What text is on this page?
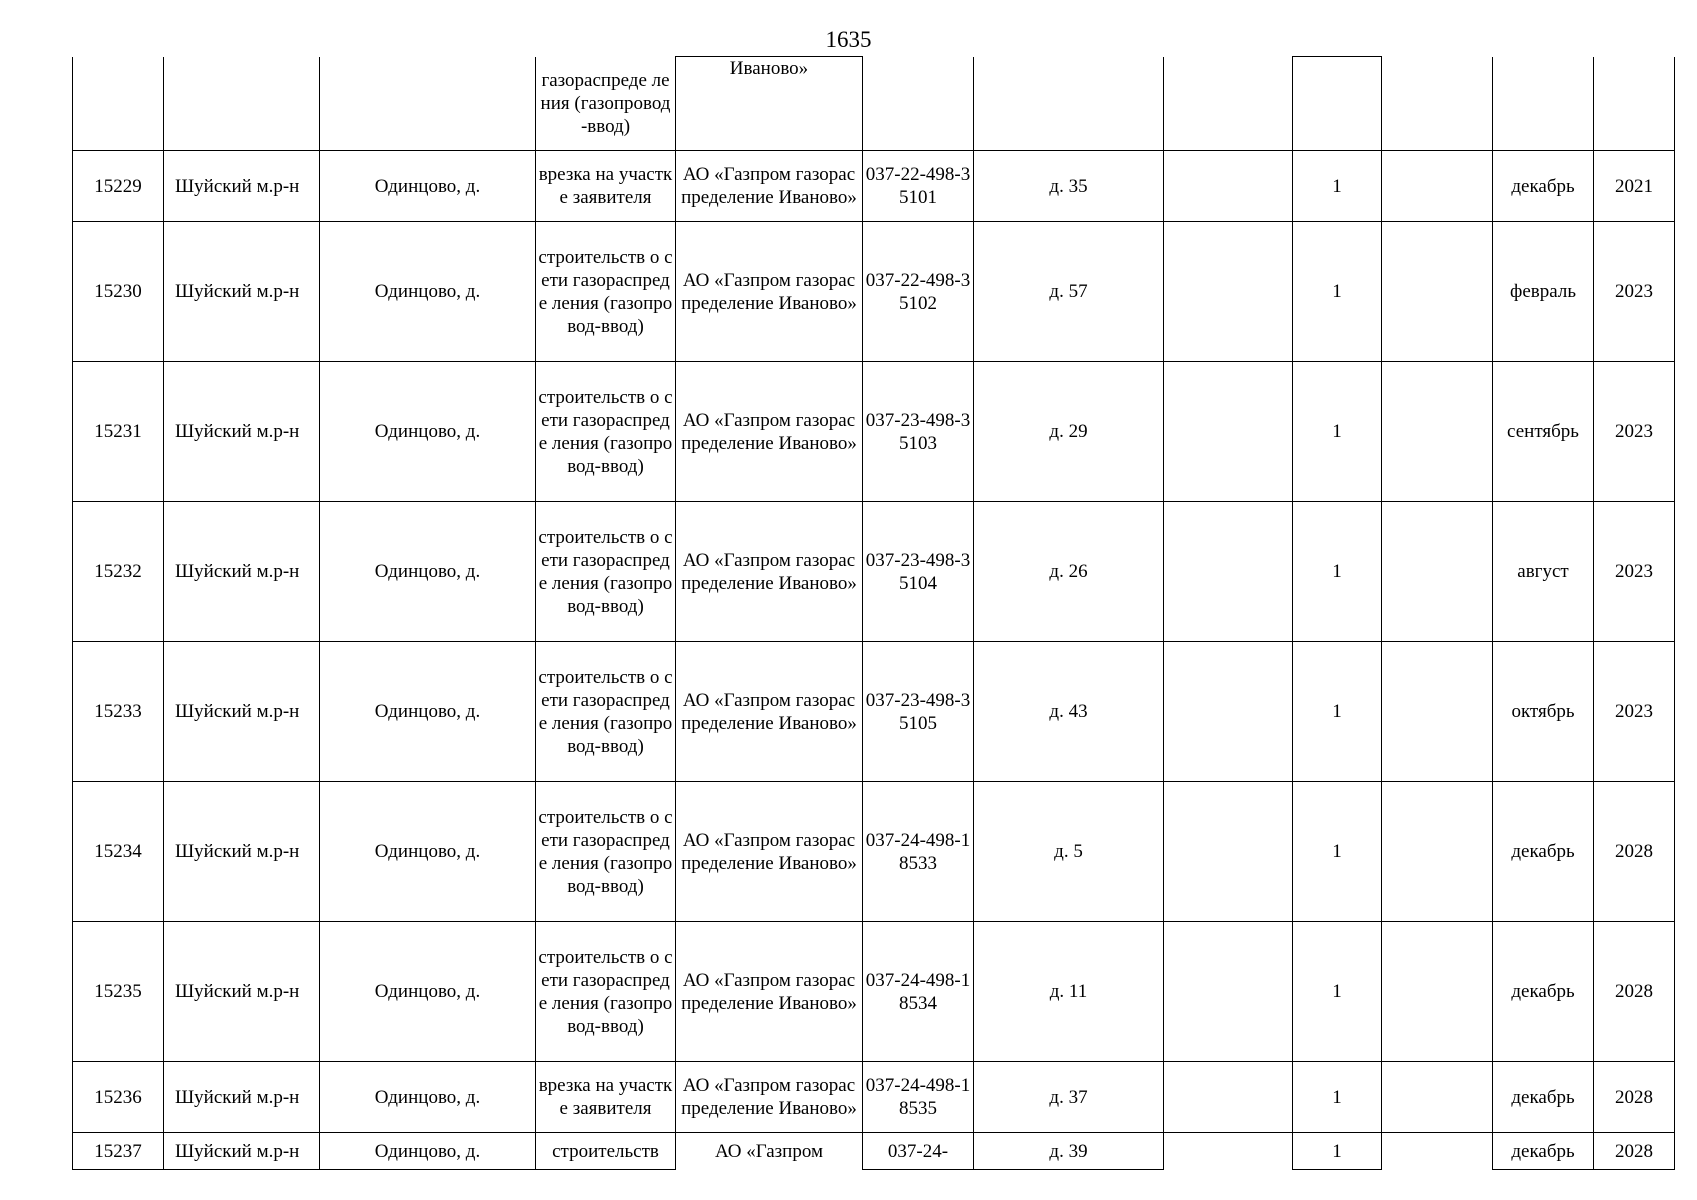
1635
			газораспреде ления (газопровод-ввод)	Иваново»							
15229	Шуйский м.р-н	Одинцово, д.	врезка на участке заявителя	АО «Газпром газораспределение Иваново»	037-22-498-35101	д. 35		1		декабрь	2021
15230	Шуйский м.р-н	Одинцово, д.	строительств о сети газораспреде ления (газопровод-ввод)	АО «Газпром газораспределение Иваново»	037-22-498-35102	д. 57		1		февраль	2023
15231	Шуйский м.р-н	Одинцово, д.	строительств о сети газораспреде ления (газопровод-ввод)	АО «Газпром газораспределение Иваново»	037-23-498-35103	д. 29		1		сентябрь	2023
15232	Шуйский м.р-н	Одинцово, д.	строительств о сети газораспреде ления (газопровод-ввод)	АО «Газпром газораспределение Иваново»	037-23-498-35104	д. 26		1		август	2023
15233	Шуйский м.р-н	Одинцово, д.	строительств о сети газораспреде ления (газопровод-ввод)	АО «Газпром газораспределение Иваново»	037-23-498-35105	д. 43		1		октябрь	2023
15234	Шуйский м.р-н	Одинцово, д.	строительств о сети газораспреде ления (газопровод-ввод)	АО «Газпром газораспределение Иваново»	037-24-498-18533	д. 5		1		декабрь	2028
15235	Шуйский м.р-н	Одинцово, д.	строительств о сети газораспреде ления (газопровод-ввод)	АО «Газпром газораспределение Иваново»	037-24-498-18534	д. 11		1		декабрь	2028
15236	Шуйский м.р-н	Одинцово, д.	врезка на участке заявителя	АО «Газпром газораспределение Иваново»	037-24-498-18535	д. 37		1		декабрь	2028
15237	Шуйский м.р-н	Одинцово, д.	строительств	АО «Газпром	037-24-	д. 39		1		декабрь	2028
